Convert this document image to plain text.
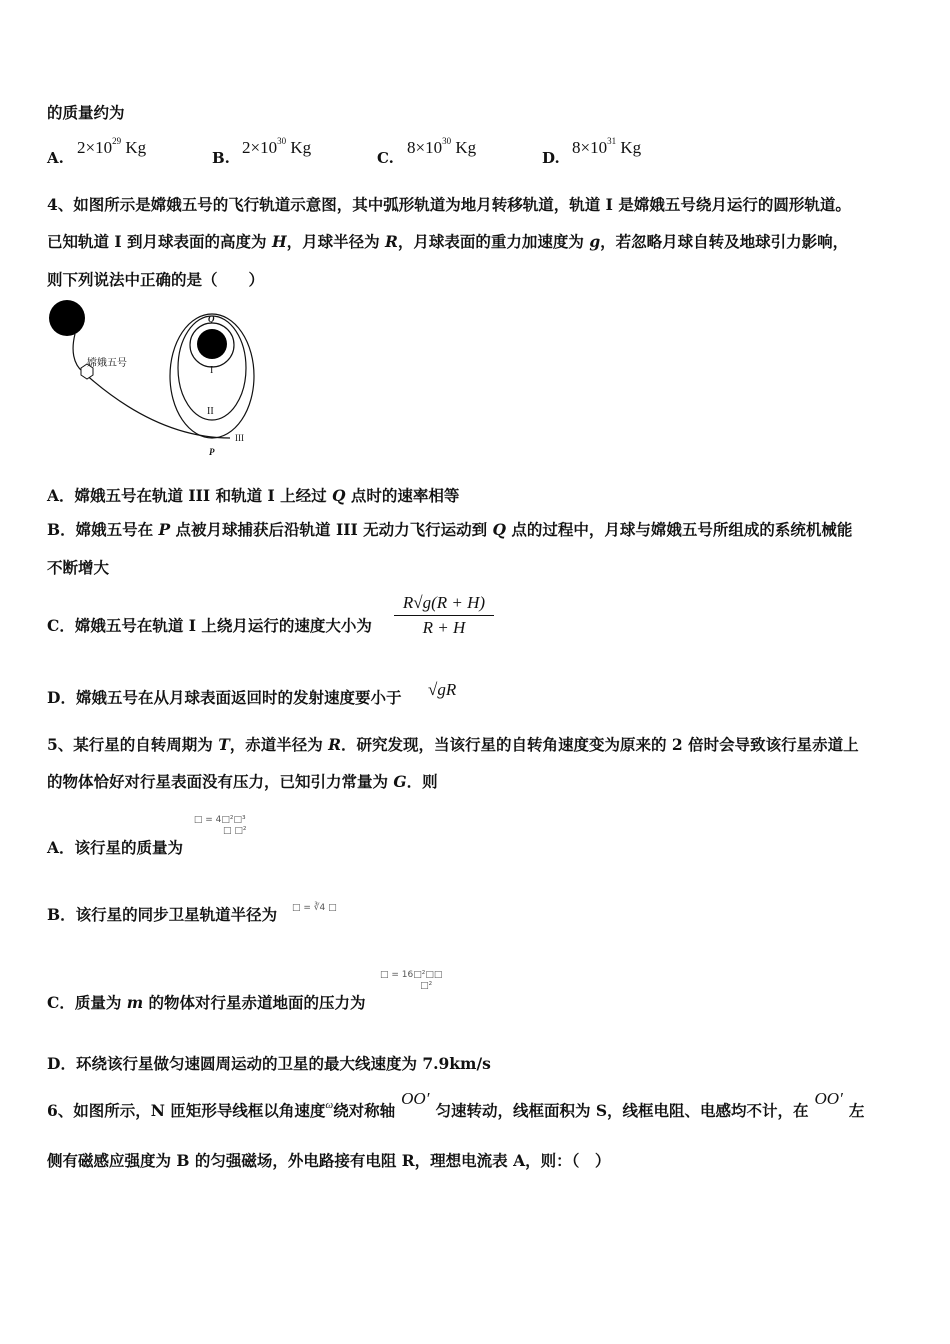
的质量约为
A.
$2\times 10^{29}$ Kg
B.
$2\times 10^{30}$ Kg
C.
$8\times 10^{30}$ Kg
D.
$8\times 10^{31}$ Kg
4、如图所示是嫦娥五号的飞行轨道示意图，其中弧形轨道为地月转移轨道，轨道 I 是嫦娥五号绕月运行的圆形轨道。
已知轨道 I 到月球表面的高度为 H，月球半径为 R，月球表面的重力加速度为 g，若忽略月球自转及地球引力影响，
则下列说法中正确的是（　　）
嫦娥五号
Q
I
II
III
P
A．嫦娥五号在轨道 III 和轨道 I 上经过 Q 点时的速率相等
B．嫦娥五号在 P 点被月球捕获后沿轨道 III 无动力飞行运动到 Q 点的过程中，月球与嫦娥五号所组成的系统机械能
不断增大
C．嫦娥五号在轨道 I 上绕月运行的速度大小为
R√g(R + H)
R + H
D．嫦娥五号在从月球表面返回时的发射速度要小于 √gR
5、某行星的自转周期为 T，赤道半径为 R．研究发现，当该行星的自转角速度变为原来的 2 倍时会导致该行星赤道上
的物体恰好对行星表面没有压力，已知引力常量为 G．则
A．该行星的质量为
□ = 4□²□³
□ □²
B．该行星的同步卫星轨道半径为 □ = ∛4 □
C．质量为 m 的物体对行星赤道地面的压力为
□ = 16□²□□
□²
D．环绕该行星做匀速圆周运动的卫星的最大线速度为 7.9km/s
6、如图所示，N 匝矩形导线框以角速度$^\omega$绕对称轴OO′匀速转动，线框面积为 S，线框电阻、电感均不计，在OO′左
侧有磁感应强度为 B 的匀强磁场，外电路接有电阻 R，理想电流表 A，则：（　）
